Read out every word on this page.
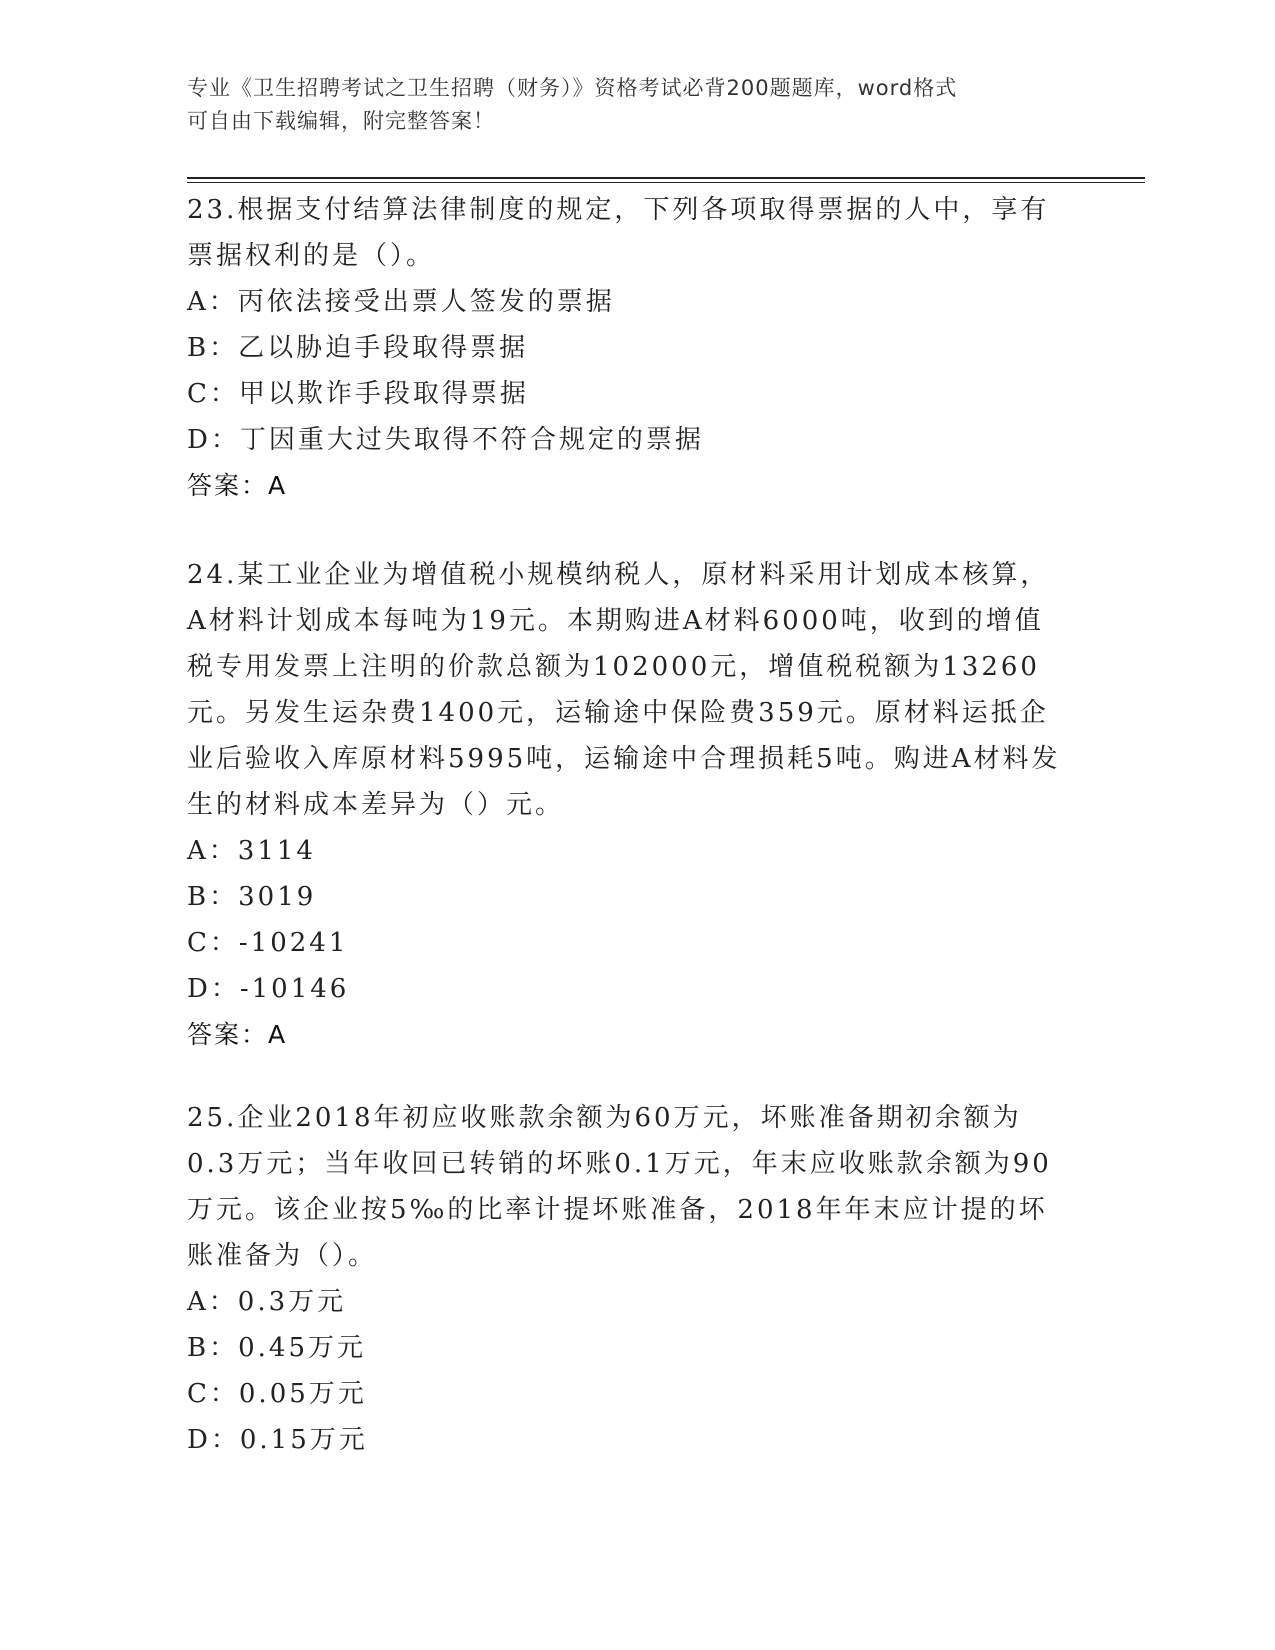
专业《卫生招聘考试之卫生招聘（财务）》资格考试必背200题题库，word格式
可自由下载编辑，附完整答案！

23.根据支付结算法律制度的规定，下列各项取得票据的人中，享有票据权利的是（）。

A：丙依法接受出票人签发的票据
B：乙以胁迫手段取得票据
C：甲以欺诈手段取得票据
D：丁因重大过失取得不符合规定的票据
答案：A

24.某工业企业为增值税小规模纳税人，原材料采用计划成本核算，A材料计划成本每吨为19元。本期购进A材料6000吨，收到的增值税专用发票上注明的价款总额为102000元，增值税税额为13260元。另发生运杂费1400元，运输途中保险费359元。原材料运抵企业后验收入库原材料5995吨，运输途中合理损耗5吨。购进A材料发生的材料成本差异为（）元。

A：3114
B：3019
C：-10241
D：-10146
答案：A

25.企业2018年初应收账款余额为60万元，坏账准备期初余额为0.3万元；当年收回已转销的坏账0.1万元，年末应收账款余额为90万元。该企业按5‰的比率计提坏账准备，2018年年末应计提的坏账准备为（）。

A：0.3万元
B：0.45万元
C：0.05万元
D：0.15万元
